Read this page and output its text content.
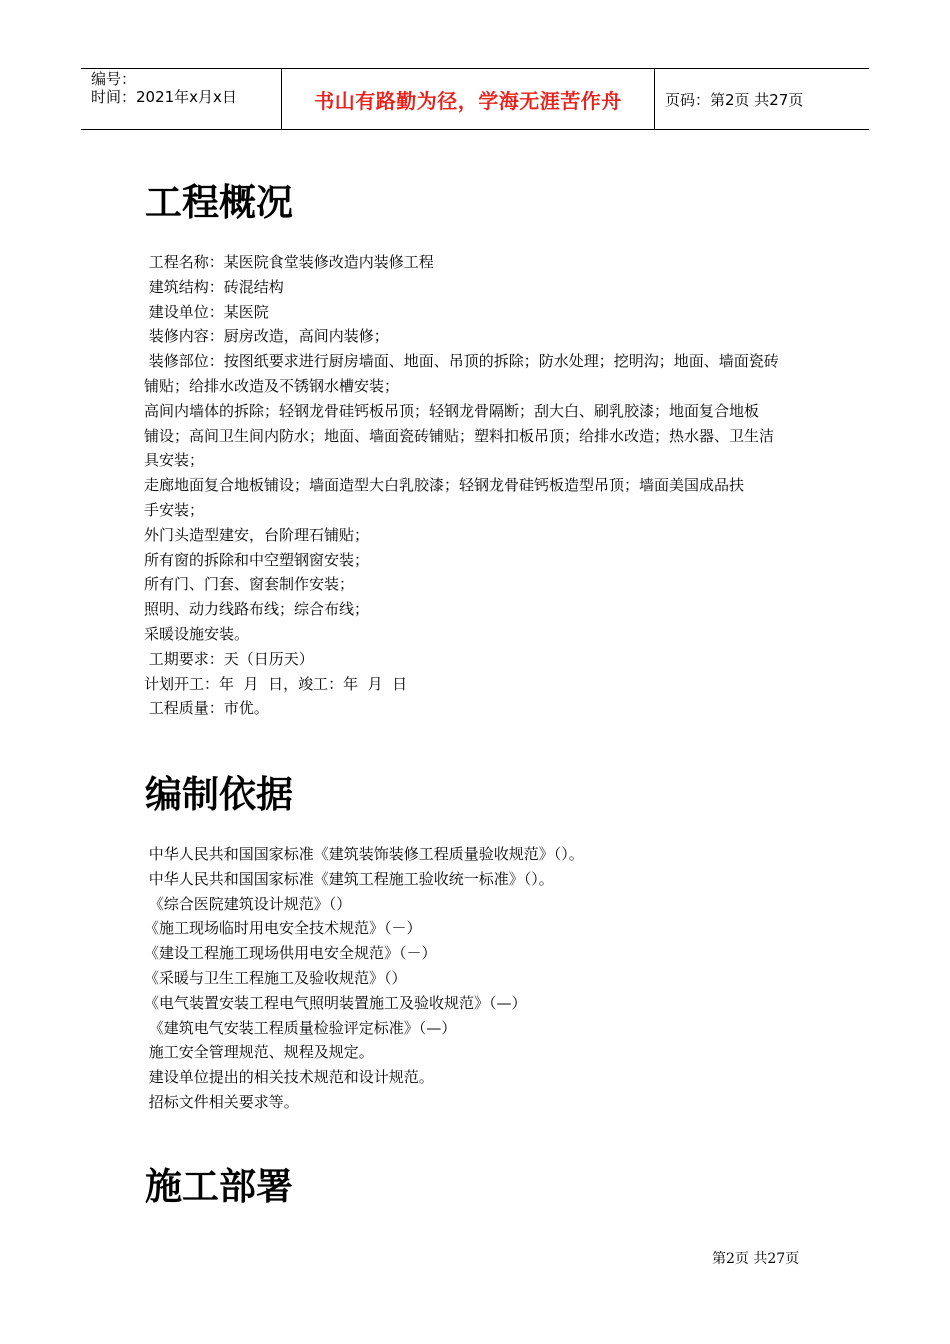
编号：
时间：2021年x月x日	书山有路勤为径，学海无涯苦作舟	页码：第2页 共27页
工程概况
工程名称：某医院食堂装修改造内装修工程
建筑结构：砖混结构
建设单位：某医院
装修内容：厨房改造，高间内装修；
装修部位：按图纸要求进行厨房墙面、地面、吊顶的拆除；防水处理；挖明沟；地面、墙面瓷砖
铺贴；给排水改造及不锈钢水槽安装；
高间内墙体的拆除；轻钢龙骨硅钙板吊顶；轻钢龙骨隔断；刮大白、刷乳胶漆；地面复合地板
铺设；高间卫生间内防水；地面、墙面瓷砖铺贴；塑料扣板吊顶；给排水改造；热水器、卫生洁
具安装；
走廊地面复合地板铺设；墙面造型大白乳胶漆；轻钢龙骨硅钙板造型吊顶；墙面美国成品扶
手安装；
外门头造型建安，台阶理石铺贴；
所有窗的拆除和中空塑钢窗安装；
所有门、门套、窗套制作安装；
照明、动力线路布线；综合布线；
采暖设施安装。
工期要求：天（日历天）
计划开工：年  月  日，竣工：年  月  日
工程质量：市优。
编制依据
中华人民共和国国家标准《建筑装饰装修工程质量验收规范》（）。
中华人民共和国国家标准《建筑工程施工验收统一标准》（）。
《综合医院建筑设计规范》（）
《施工现场临时用电安全技术规范》（－）
《建设工程施工现场供用电安全规范》（－）
《采暖与卫生工程施工及验收规范》（）
《电气装置安装工程电气照明装置施工及验收规范》（—）
《建筑电气安装工程质量检验评定标准》（—）
施工安全管理规范、规程及规定。
建设单位提出的相关技术规范和设计规范。
招标文件相关要求等。
施工部署
第2页 共27页
